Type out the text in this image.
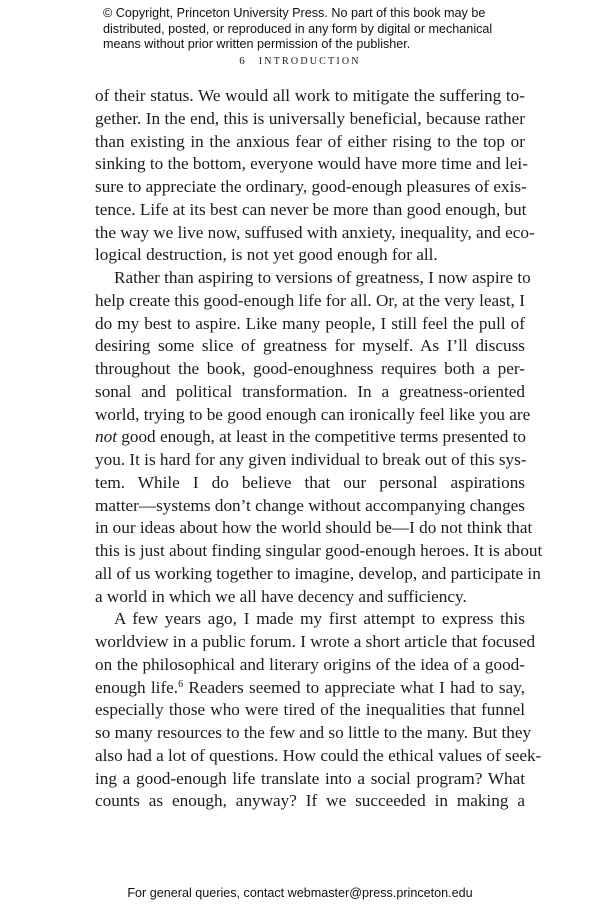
© Copyright, Princeton University Press. No part of this book may be
distributed, posted, or reproduced in any form by digital or mechanical
means without prior written permission of the publisher.
6 INTRODUCTION
of their status. We would all work to mitigate the suffering to-
gether. In the end, this is universally beneficial, because rather
than existing in the anxious fear of either rising to the top or
sinking to the bottom, everyone would have more time and lei-
sure to appreciate the ordinary, good-enough pleasures of exis-
tence. Life at its best can never be more than good enough, but
the way we live now, suffused with anxiety, inequality, and eco-
logical destruction, is not yet good enough for all.
Rather than aspiring to versions of greatness, I now aspire to
help create this good-enough life for all. Or, at the very least, I
do my best to aspire. Like many people, I still feel the pull of
desiring some slice of greatness for myself. As I’ll discuss
throughout the book, good-enoughness requires both a per-
sonal and political transformation. In a greatness-oriented
world, trying to be good enough can ironically feel like you are
not good enough, at least in the competitive terms presented to
you. It is hard for any given individual to break out of this sys-
tem. While I do believe that our personal aspirations
matter—systems don’t change without accompanying changes
in our ideas about how the world should be—I do not think that
this is just about finding singular good-enough heroes. It is about
all of us working together to imagine, develop, and participate in
a world in which we all have decency and sufficiency.
A few years ago, I made my first attempt to express this
worldview in a public forum. I wrote a short article that focused
on the philosophical and literary origins of the idea of a good-
enough life.$^6$ Readers seemed to appreciate what I had to say,
especially those who were tired of the inequalities that funnel
so many resources to the few and so little to the many. But they
also had a lot of questions. How could the ethical values of seek-
ing a good-enough life translate into a social program? What
counts as enough, anyway? If we succeeded in making a
For general queries, contact webmaster@press.princeton.edu
